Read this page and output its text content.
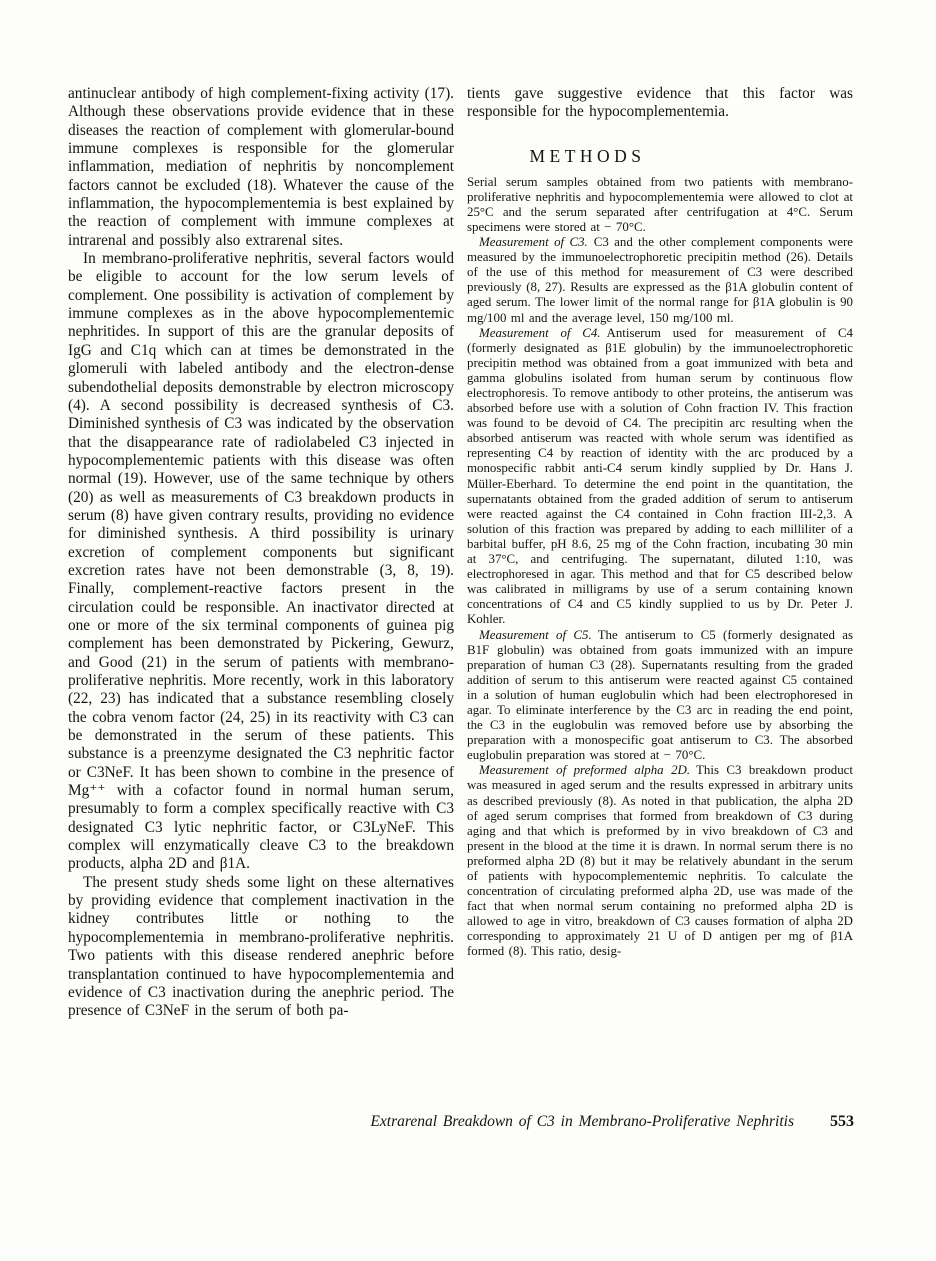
antinuclear antibody of high complement-fixing activity (17). Although these observations provide evidence that in these diseases the reaction of complement with glomerular-bound immune complexes is responsible for the glomerular inflammation, mediation of nephritis by noncomplement factors cannot be excluded (18). Whatever the cause of the inflammation, the hypocomplementemia is best explained by the reaction of complement with immune complexes at intrarenal and possibly also extrarenal sites.

In membrano-proliferative nephritis, several factors would be eligible to account for the low serum levels of complement. One possibility is activation of complement by immune complexes as in the above hypocomplementemic nephritides. In support of this are the granular deposits of IgG and C1q which can at times be demonstrated in the glomeruli with labeled antibody and the electron-dense subendothelial deposits demonstrable by electron microscopy (4). A second possibility is decreased synthesis of C3. Diminished synthesis of C3 was indicated by the observation that the disappearance rate of radiolabeled C3 injected in hypocomplementemic patients with this disease was often normal (19). However, use of the same technique by others (20) as well as measurements of C3 breakdown products in serum (8) have given contrary results, providing no evidence for diminished synthesis. A third possibility is urinary excretion of complement components but significant excretion rates have not been demonstrable (3, 8, 19). Finally, complement-reactive factors present in the circulation could be responsible. An inactivator directed at one or more of the six terminal components of guinea pig complement has been demonstrated by Pickering, Gewurz, and Good (21) in the serum of patients with membrano-proliferative nephritis. More recently, work in this laboratory (22, 23) has indicated that a substance resembling closely the cobra venom factor (24, 25) in its reactivity with C3 can be demonstrated in the serum of these patients. This substance is a preenzyme designated the C3 nephritic factor or C3NeF. It has been shown to combine in the presence of Mg⁺⁺ with a cofactor found in normal human serum, presumably to form a complex specifically reactive with C3 designated C3 lytic nephritic factor, or C3LyNeF. This complex will enzymatically cleave C3 to the breakdown products, alpha 2D and β1A.

The present study sheds some light on these alternatives by providing evidence that complement inactivation in the kidney contributes little or nothing to the hypocomplementemia in membrano-proliferative nephritis. Two patients with this disease rendered anephric before transplantation continued to have hypocomplementemia and evidence of C3 inactivation during the anephric period. The presence of C3NeF in the serum of both pa-

tients gave suggestive evidence that this factor was responsible for the hypocomplementemia.

METHODS

Serial serum samples obtained from two patients with membrano-proliferative nephritis and hypocomplementemia were allowed to clot at 25°C and the serum separated after centrifugation at 4°C. Serum specimens were stored at − 70°C.

Measurement of C3. C3 and the other complement components were measured by the immunoelectrophoretic precipitin method (26). Details of the use of this method for measurement of C3 were described previously (8, 27). Results are expressed as the β1A globulin content of aged serum. The lower limit of the normal range for β1A globulin is 90 mg/100 ml and the average level, 150 mg/100 ml.

Measurement of C4. Antiserum used for measurement of C4 (formerly designated as β1E globulin) by the immunoelectrophoretic precipitin method was obtained from a goat immunized with beta and gamma globulins isolated from human serum by continuous flow electrophoresis. To remove antibody to other proteins, the antiserum was absorbed before use with a solution of Cohn fraction IV. This fraction was found to be devoid of C4. The precipitin arc resulting when the absorbed antiserum was reacted with whole serum was identified as representing C4 by reaction of identity with the arc produced by a monospecific rabbit anti-C4 serum kindly supplied by Dr. Hans J. Müller-Eberhard. To determine the end point in the quantitation, the supernatants obtained from the graded addition of serum to antiserum were reacted against the C4 contained in Cohn fraction III-2,3. A solution of this fraction was prepared by adding to each milliliter of a barbital buffer, pH 8.6, 25 mg of the Cohn fraction, incubating 30 min at 37°C, and centrifuging. The supernatant, diluted 1:10, was electrophoresed in agar. This method and that for C5 described below was calibrated in milligrams by use of a serum containing known concentrations of C4 and C5 kindly supplied to us by Dr. Peter J. Kohler.

Measurement of C5. The antiserum to C5 (formerly designated as B1F globulin) was obtained from goats immunized with an impure preparation of human C3 (28). Supernatants resulting from the graded addition of serum to this antiserum were reacted against C5 contained in a solution of human euglobulin which had been electrophoresed in agar. To eliminate interference by the C3 arc in reading the end point, the C3 in the euglobulin was removed before use by absorbing the preparation with a monospecific goat antiserum to C3. The absorbed euglobulin preparation was stored at − 70°C.

Measurement of preformed alpha 2D. This C3 breakdown product was measured in aged serum and the results expressed in arbitrary units as described previously (8). As noted in that publication, the alpha 2D of aged serum comprises that formed from breakdown of C3 during aging and that which is preformed by in vivo breakdown of C3 and present in the blood at the time it is drawn. In normal serum there is no preformed alpha 2D (8) but it may be relatively abundant in the serum of patients with hypocomplementemic nephritis. To calculate the concentration of circulating preformed alpha 2D, use was made of the fact that when normal serum containing no preformed alpha 2D is allowed to age in vitro, breakdown of C3 causes formation of alpha 2D corresponding to approximately 21 U of D antigen per mg of β1A formed (8). This ratio, desig-

Extrarenal Breakdown of C3 in Membrano-Proliferative Nephritis 553
